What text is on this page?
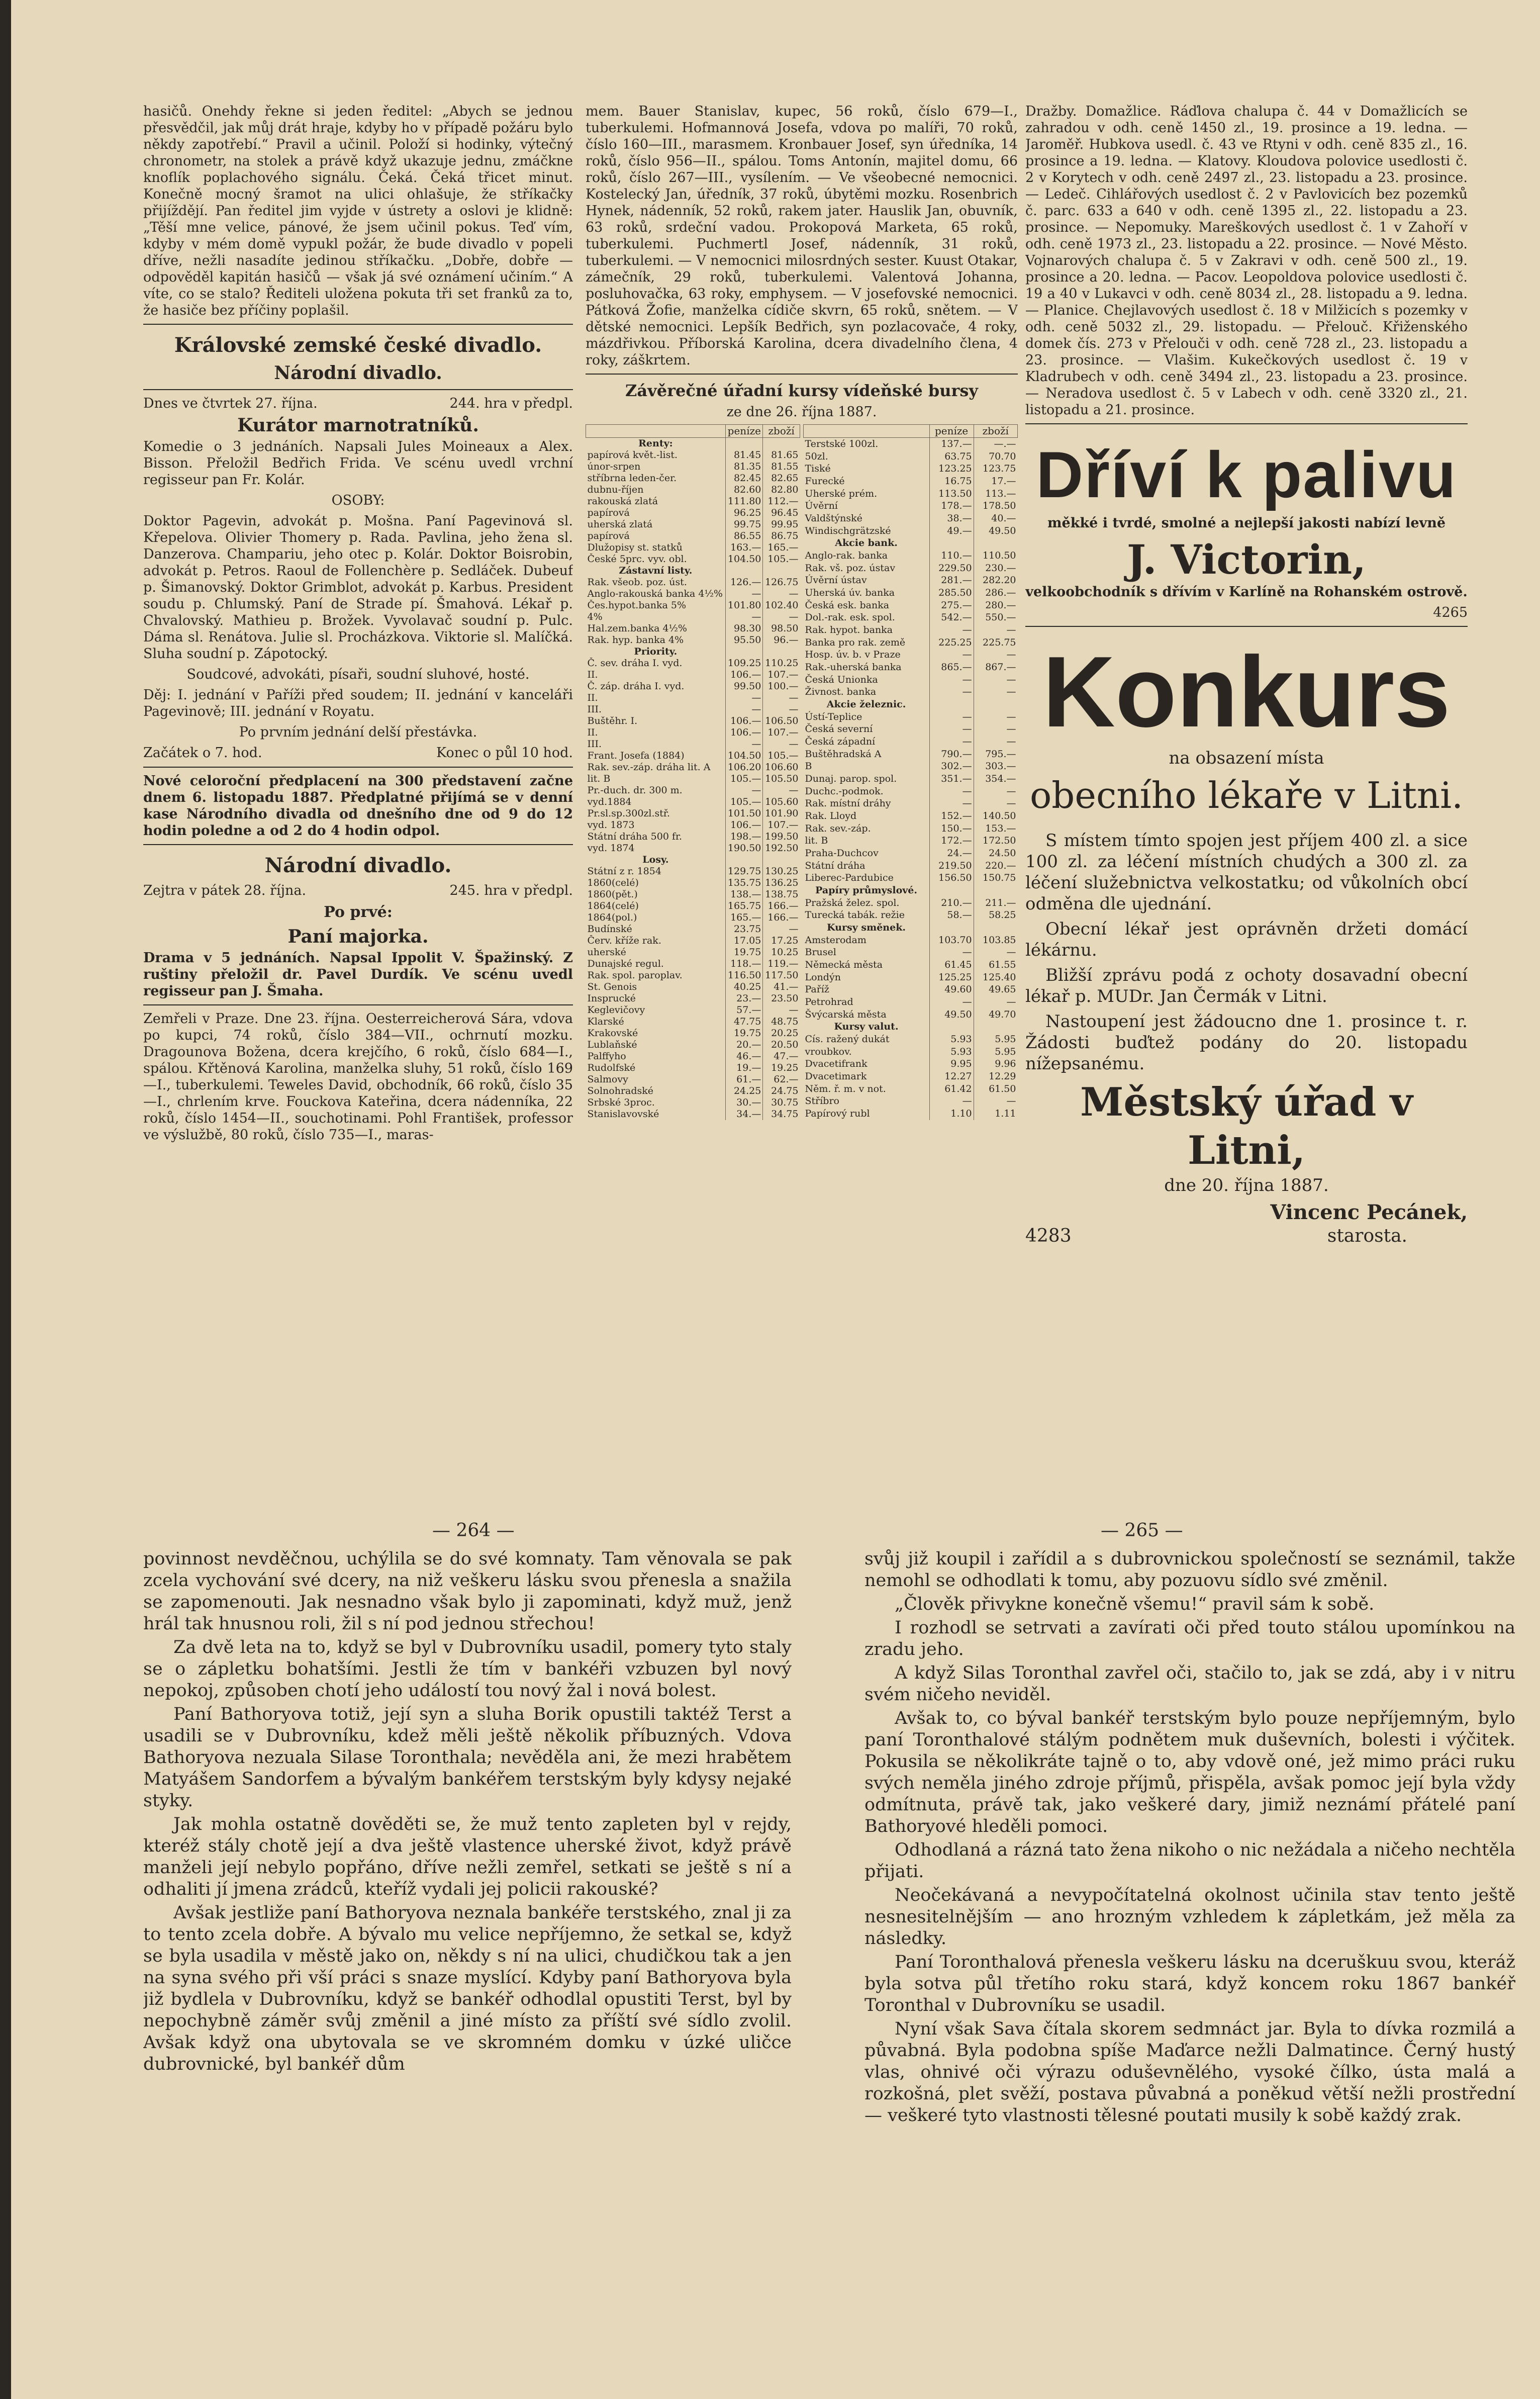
hasičů. Onehdy řekne si jeden ředitel: „Abych se jednou přesvědčil, jak můj drát hraje, kdyby ho v případě požáru bylo někdy zapotřebí.“ Pravil a učinil. Položí si hodinky, výtečný chronometr, na stolek a právě když ukazuje jednu, zmáčkne knoflík poplachového signálu. Čeká. Čeká třicet minut. Konečně mocný šramot na ulici ohlašuje, že stříkačky přijíždějí. Pan ředitel jim vyjde v ústrety a oslovi je klidně: „Těší mne velice, pánové, že jsem učinil pokus. Teď vím, kdyby v mém domě vypukl požár, že bude divadlo v popeli dříve, nežli nasadíte jedinou stříkačku. „Dobře, dobře — odpověděl kapitán hasičů — však já své oznámení učiním.“ A víte, co se stalo? Řediteli uložena pokuta tři set franků za to, že hasiče bez příčiny poplašil.

Královské zemské české divadlo.
Národní divadlo.
Dnes ve čtvrtek 27. října.	244. hra v předpl.
Kurátor marnotratníků.

Komedie o 3 jednáních. Napsali Jules Moineaux a Alex. Bisson. Přeložil Bedřich Frida. Ve scénu uvedl vrchní regisseur pan Fr. Kolár.

OSOBY:

Doktor Pagevin, advokát p. Mošna. Paní Pagevinová sl. Křepelova. Olivier Thomery p. Rada. Pavlina, jeho žena sl. Danzerova. Champariu, jeho otec p. Kolár. Doktor Boisrobin, advokát p. Petros. Raoul de Follenchère p. Sedláček. Dubeuf p. Šimanovský. Doktor Grimblot, advokát p. Karbus. President soudu p. Chlumský. Paní de Strade pí. Šmahová. Lékař p. Chvalovský. Mathieu p. Brožek. Vyvolavač soudní p. Pulc. Dáma sl. Renátova. Julie sl. Procházkova. Viktorie sl. Malíčká. Sluha soudní p. Zápotocký.

Soudcové, advokáti, písaři, soudní sluhové, hosté.

Děj: I. jednání v Paříži před soudem; II. jednání v kanceláři Pagevinově; III. jednání v Royatu.

Po prvním jednání delší přestávka.

Začátek o 7. hod.	Konec o půl 10 hod.

Nové celoroční předplacení na 300 představení začne dnem 6. listopadu 1887. Předplatné přijímá se v denní kase Národního divadla od dnešního dne od 9 do 12 hodin poledne a od 2 do 4 hodin odpol.

Národní divadlo.
Zejtra v pátek 28. října.	245. hra v předpl.
Po prvé:
Paní majorka.

Drama v 5 jednáních. Napsal Ippolit V. Špažinský. Z ruštiny přeložil dr. Pavel Durdík. Ve scénu uvedl regisseur pan J. Šmaha.

Zemřeli v Praze. Dne 23. října. Oesterreicherová Sára, vdova po kupci, 74 roků, číslo 384—VII., ochrnutí mozku. Dragounova Božena, dcera krejčího, 6 roků, číslo 684—I., spálou. Křtěnová Karolina, manželka sluhy, 51 roků, číslo 169—I., tuberkulemi. Teweles David, obchodník, 66 roků, číslo 35—I., chrlením krve. Fouckova Kateřina, dcera nádenníka, 22 roků, číslo 1454—II., souchotinami. Pohl František, professor ve výslužbě, 80 roků, číslo 735—I., maras-

mem. Bauer Stanislav, kupec, 56 roků, číslo 679—I., tuberkulemi. Hofmannová Josefa, vdova po malíři, 70 roků, číslo 160—III., marasmem. Kronbauer Josef, syn úředníka, 14 roků, číslo 956—II., spálou. Toms Antonín, majitel domu, 66 roků, číslo 267—III., vysílením. — Ve všeobecné nemocnici. Kostelecký Jan, úředník, 37 roků, úbytěmi mozku. Rosenbrich Hynek, nádenník, 52 roků, rakem jater. Hauslik Jan, obuvník, 63 roků, srdeční vadou. Prokopová Marketa, 65 roků, tuberkulemi. Puchmertl Josef, nádenník, 31 roků, tuberkulemi. — V nemocnici milosrdných sester. Kuust Otakar, zámečník, 29 roků, tuberkulemi. Valentová Johanna, posluhovačka, 63 roky, emphysem. — V josefovské nemocnici. Pátková Žofie, manželka cídiče skvrn, 65 roků, snětem. — V dětské nemocnici. Lepšík Bedřich, syn pozlacovače, 4 roky, mázdřivkou. Příborská Karolina, dcera divadelního člena, 4 roky, záškrtem.

Závěrečné úřadní kursy vídeňské bursy

ze dne 26. října 1887.

	peníze	zboží
Renty:		
papírová květ.-list.	81.45	81.65
únor-srpen	81.35	81.55
stříbrna leden-čer.	82.45	82.65
dubnu-říjen	82.60	82.80
rakouská zlatá	111.80	112.—
papírová	96.25	96.45
uherská zlatá	99.75	99.95
papírová	86.55	86.75
Dlužopisy st. statků	163.—	165.—
České 5prc. vyv. obl.	104.50	105.—
Zástavní listy.		
Rak. všeob. poz. úst.	126.—	126.75
Anglo-rakouská banka 4½%	—	—
Čes.hypot.banka 5%	101.80	102.40
4%	—	—
Hal.zem.banka 4½%	98.30	98.50
Rak. hyp. banka 4%	95.50	96.—
Priority.		
Č. sev. dráha I. vyd.	109.25	110.25
II.	106.—	107.—
Č. záp. dráha I. vyd.	99.50	100.—
II.	—	—
III.	—	—
Buštěhr. I.	106.—	106.50
II.	106.—	107.—
III.	—	—
Frant. Josefa (1884)	104.50	105.—
Rak. sev.-záp. dráha lit. A	106.20	106.60
lit. B	105.—	105.50
Pr.-duch. dr. 300 m.	—	—
vyd.1884	105.—	105.60
Pr.sl.sp.300zl.stř.	101.50	101.90
vyd. 1873	106.—	107.—
Státní dráha 500 fr.	198.—	199.50
vyd. 1874	190.50	192.50
Losy.		
Státní z r. 1854	129.75	130.25
1860(celé)	135.75	136.25
1860(pět.)	138.—	138.75
1864(celé)	165.75	166.—
1864(pol.)	165.—	166.—
Budínské	23.75	—
Červ. kříže rak.	17.05	17.25
uherské	19.75	10.25
Dunajské regul.	118.—	119.—
Rak. spol. paroplav.	116.50	117.50
St. Genois	40.25	41.—
Insprucké	23.—	23.50
Keglevičovy	57.—	—
Klarské	47.75	48.75
Krakovské	19.75	20.25
Lublaňské	20.—	20.50
Palffyho	46.—	47.—
Rudolfské	19.—	19.25
Salmovy	61.—	62.—
Solnohradské	24.25	24.75
Srbské 3proc.	30.—	30.75
Stanislavovské	34.—	34.75
	peníze	zboží
Terstské 100zl.	137.—	—.—
50zl.	63.75	70.70
Tiské	123.25	123.75
Furecké	16.75	17.—
Uherské prém.	113.50	113.—
Úvěrní	178.—	178.50
Valdštýnské	38.—	40.—
Windischgrätzské	49.—	49.50
Akcie bank.		
Anglo-rak. banka	110.—	110.50
Rak. vš. poz. ústav	229.50	230.—
Úvěrní ústav	281.—	282.20
Uherská úv. banka	285.50	286.—
Česká esk. banka	275.—	280.—
Dol.-rak. esk. spol.	542.—	550.—
Rak. hypot. banka	—	—
Banka pro rak. země	225.25	225.75
Hosp. úv. b. v Praze	—	—
Rak.-uherská banka	865.—	867.—
Česká Unionka	—	—
Živnost. banka	—	—
Akcie železnic.		
Ústí-Teplice	—	—
Česká severní	—	—
Česká západní	—	—
Buštěhradská A	790.—	795.—
B	302.—	303.—
Dunaj. parop. spol.	351.—	354.—
Duchc.-podmok.	—	—
Rak. místní dráhy	—	—
Rak. Lloyd	152.—	140.50
Rak. sev.-záp.	150.—	153.—
lit. B	172.—	172.50
Praha-Duchcov	24.—	24.50
Státní dráha	219.50	220.—
Liberec-Pardubice	156.50	150.75
Papíry průmyslové.		
Pražská želez. spol.	210.—	211.—
Turecká tabák. režie	58.—	58.25
Kursy směnek.		
Amsterodam	103.70	103.85
Brusel	—	—
Německá města	61.45	61.55
Londýn	125.25	125.40
Paříž	49.60	49.65
Petrohrad	—	—
Švýcarská města	49.50	49.70
Kursy valut.		
Cís. ražený dukát	5.93	5.95
vroubkov.	5.93	5.95
Dvacetifrank	9.95	9.96
Dvacetimark	12.27	12.29
Něm. ř. m. v not.	61.42	61.50
Stříbro	—	—
Papírový rubl	1.10	1.11

Dražby. Domažlice. Ráďlova chalupa č. 44 v Domažlicích se zahradou v odh. ceně 1450 zl., 19. prosince a 19. ledna. — Jaroměř. Hubkova usedl. č. 43 ve Rtyni v odh. ceně 835 zl., 16. prosince a 19. ledna. — Klatovy. Kloudova polovice usedlosti č. 2 v Korytech v odh. ceně 2497 zl., 23. listopadu a 23. prosince. — Ledeč. Cihlářových usedlost č. 2 v Pavlovicích bez pozemků č. parc. 633 a 640 v odh. ceně 1395 zl., 22. listopadu a 23. prosince. — Nepomuky. Mareškových usedlost č. 1 v Zahoří v odh. ceně 1973 zl., 23. listopadu a 22. prosince. — Nové Město. Vojnarových chalupa č. 5 v Zakravi v odh. ceně 500 zl., 19. prosince a 20. ledna. — Pacov. Leopoldova polovice usedlosti č. 19 a 40 v Lukavci v odh. ceně 8034 zl., 28. listopadu a 9. ledna. — Planice. Chejlavových usedlost č. 18 v Milžicích s pozemky v odh. ceně 5032 zl., 29. listopadu. — Přelouč. Křiženského domek čís. 273 v Přelouči v odh. ceně 728 zl., 23. listopadu a 23. prosince. — Vlašim. Kukečkových usedlost č. 19 v Kladrubech v odh. ceně 3494 zl., 23. listopadu a 23. prosince. — Neradova usedlost č. 5 v Labech v odh. ceně 3320 zl., 21. listopadu a 21. prosince.

Dříví k palivu

měkké i tvrdé, smolné a nejlepší jakosti nabízí levně

J. Victorin,

velkoobchodník s dřívím v Karlíně na Rohanském ostrově.

4265

Konkurs

na obsazení místa

obecního lékaře v Litni.

S místem tímto spojen jest příjem 400 zl. a sice 100 zl. za léčení místních chudých a 300 zl. za léčení služebnictva velkostatku; od vůkolních obcí odměna dle ujednání.

Obecní lékař jest oprávněn držeti domácí lékárnu.

Bližší zprávu podá z ochoty dosavadní obecní lékař p. MUDr. Jan Čermák v Litni.

Nastoupení jest žádoucno dne 1. prosince t. r. Žádosti buďtež podány do 20. listopadu nížepsanému.

Městský úřad v Litni,

dne 20. října 1887.

Vincenc Pecánek,
4283	starosta.
— 264 —	— 265 —

povinnost nevděčnou, uchýlila se do své komnaty. Tam věnovala se pak zcela vychování své dcery, na niž veškeru lásku svou přenesla a snažila se zapomenouti. Jak nesnadno však bylo ji zapominati, když muž, jenž hrál tak hnusnou roli, žil s ní pod jednou střechou!

Za dvě leta na to, když se byl v Dubrovníku usadil, pomery tyto staly se o zápletku bohatšími. Jestli že tím v bankéři vzbuzen byl nový nepokoj, způsoben chotí jeho událostí tou nový žal i nová bolest.

Paní Bathoryova totiž, její syn a sluha Borik opustili taktéž Terst a usadili se v Dubrovníku, kdež měli ještě několik příbuzných. Vdova Bathoryova nezuala Silase Toronthala; nevěděla ani, že mezi hrabětem Matyášem Sandorfem a bývalým bankéřem terstským byly kdysy nejaké styky.

Jak mohla ostatně dověděti se, že muž tento zapleten byl v rejdy, kteréž stály chotě její a dva ještě vlastence uherské život, když právě manželi její nebylo popřáno, dříve nežli zemřel, setkati se ještě s ní a odhaliti jí jmena zrádců, kteříž vydali jej policii rakouské?

Avšak jestliže paní Bathoryova neznala bankéře terstského, znal ji za to tento zcela dobře. A bývalo mu velice nepříjemno, že setkal se, když se byla usadila v městě jako on, někdy s ní na ulici, chudičkou tak a jen na syna svého při vší práci s snaze myslící. Kdyby paní Bathoryova byla již bydlela v Dubrovníku, když se bankéř odhodlal opustiti Terst, byl by nepochybně záměr svůj změnil a jiné místo za příští své sídlo zvolil. Avšak když ona ubytovala se ve skromném domku v úzké uličce dubrovnické, byl bankéř dům

svůj již koupil i zařídil a s dubrovnickou společností se seznámil, takže nemohl se odhodlati k tomu, aby pozuovu sídlo své změnil.

„Člověk přivykne konečně všemu!“ pravil sám k sobě.

I rozhodl se setrvati a zavírati oči před touto stálou upomínkou na zradu jeho.

A když Silas Toronthal zavřel oči, stačilo to, jak se zdá, aby i v nitru svém ničeho neviděl.

Avšak to, co býval bankéř terstským bylo pouze nepříjemným, bylo paní Toronthalové stálým podnětem muk duševních, bolesti i výčitek. Pokusila se několikráte tajně o to, aby vdově oné, jež mimo práci ruku svých neměla jiného zdroje příjmů, přispěla, avšak pomoc její byla vždy odmítnuta, právě tak, jako veškeré dary, jimiž neznámí přátelé paní Bathoryové hleděli pomoci.

Odhodlaná a rázná tato žena nikoho o nic nežádala a ničeho nechtěla přijati.

Neočekávaná a nevypočítatelná okolnost učinila stav tento ještě nesnesitelnějším — ano hrozným vzhledem k zápletkám, jež měla za následky.

Paní Toronthalová přenesla veškeru lásku na dceruškuu svou, kteráž byla sotva půl třetího roku stará, když koncem roku 1867 bankéř Toronthal v Dubrovníku se usadil.

Nyní však Sava čítala skorem sedmnáct jar. Byla to dívka rozmilá a půvabná. Byla podobna spíše Maďarce nežli Dalmatince. Černý hustý vlas, ohnivé oči výrazu oduševnělého, vysoké čílko, ústa malá a rozkošná, plet svěží, postava půvabná a poněkud větší nežli prostřední — veškeré tyto vlastnosti tělesné poutati musily k sobě každý zrak.
